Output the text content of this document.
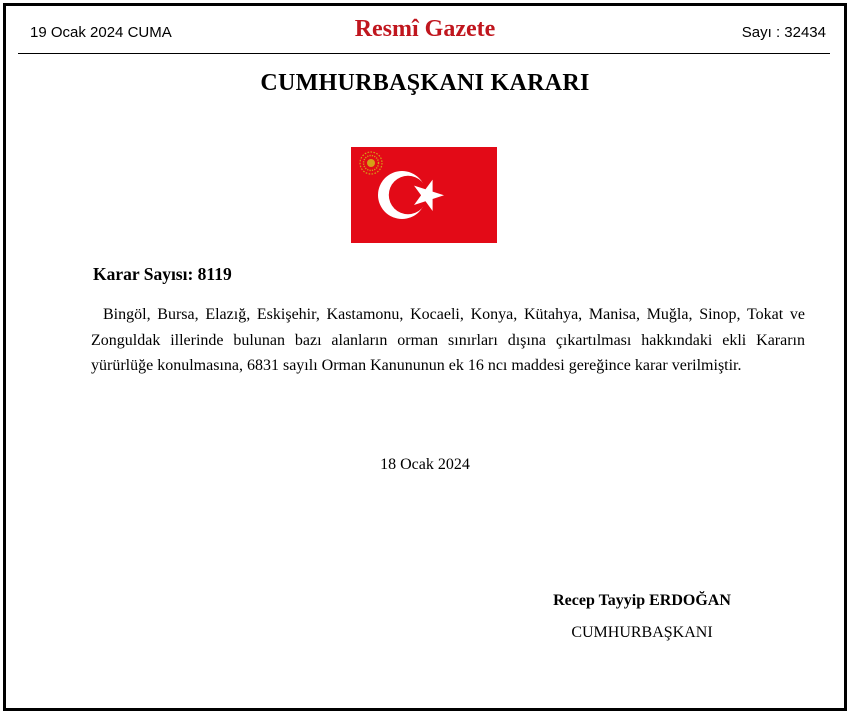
19 Ocak 2024 CUMA	Resmî Gazete	Sayı : 32434
CUMHURBAŞKANI KARARI
Karar Sayısı: 8119

Bingöl, Bursa, Elazığ, Eskişehir, Kastamonu, Kocaeli, Konya, Kütahya, Manisa, Muğla, Sinop, Tokat ve Zonguldak illerinde bulunan bazı alanların orman sınırları dışına çıkartılması hakkındaki ekli Kararın yürürlüğe konulmasına, 6831 sayılı Orman Kanununun ek 16 ncı maddesi gereğince karar verilmiştir.

18 Ocak 2024
Recep Tayyip ERDOĞAN
CUMHURBAŞKANI
